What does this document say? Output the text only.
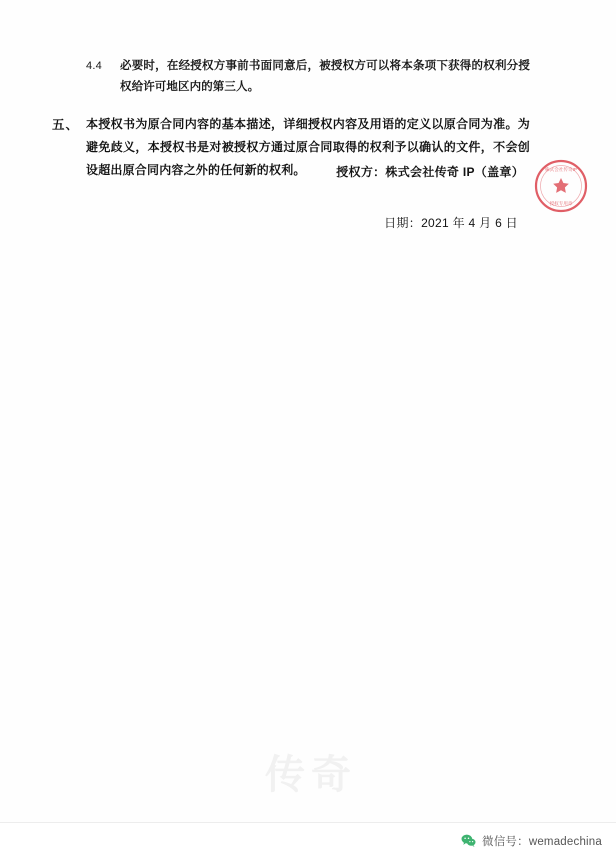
4.4	必要时，在经授权方事前书面同意后，被授权方可以将本条项下获得的权利分授权给许可地区内的第三人。
五、 本授权书为原合同内容的基本描述，详细授权内容及用语的定义以原合同为准。为避免歧义，本授权书是对被授权方通过原合同取得的权利予以确认的文件，不会创设超出原合同内容之外的任何新的权利。	授权方：株式会社传奇 IP（盖章）
日期：2021 年 4 月 6 日
株式会社传奇IP
授权专用章
传奇
微信号：wemadechina
